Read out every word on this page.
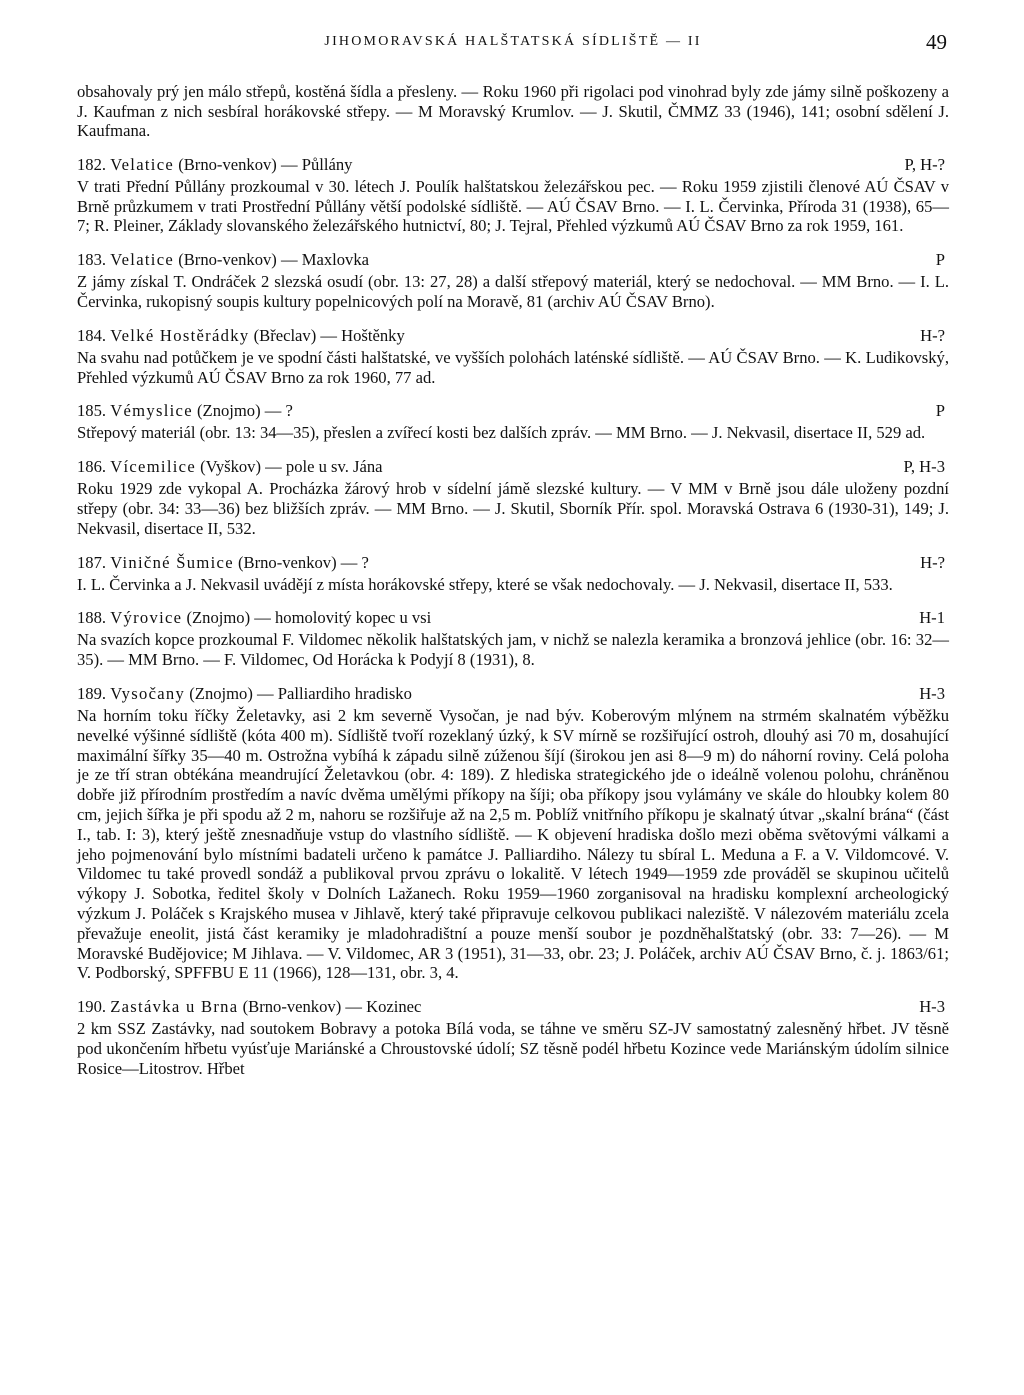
JIHOMORAVSKÁ HALŠTATSKÁ SÍDLIŠTĚ — II	49

obsahovaly prý jen málo střepů, kostěná šídla a přesleny. — Roku 1960 při rigolaci pod vinohrad byly zde jámy silně poškozeny a J. Kaufman z nich sesbíral horákovské střepy. — M Moravský Krumlov. — J. Skutil, ČMMZ 33 (1946), 141; osobní sdělení J. Kaufmana.

182. Velatice (Brno-venkov) — Půllány	P, H-?

V trati Přední Půllány prozkoumal v 30. létech J. Poulík halštatskou železářskou pec. — Roku 1959 zjistili členové AÚ ČSAV v Brně průzkumem v trati Prostřední Půllány větší podolské sídliště. — AÚ ČSAV Brno. — I. L. Červinka, Příroda 31 (1938), 65—7; R. Pleiner, Základy slovanského železářského hutnictví, 80; J. Tejral, Přehled výzkumů AÚ ČSAV Brno za rok 1959, 161.

183. Velatice (Brno-venkov) — Maxlovka	P

Z jámy získal T. Ondráček 2 slezská osudí (obr. 13: 27, 28) a další střepový materiál, který se nedochoval. — MM Brno. — I. L. Červinka, rukopisný soupis kultury popelnicových polí na Moravě, 81 (archiv AÚ ČSAV Brno).

184. Velké Hostěrádky (Břeclav) — Hoštěnky	H-?

Na svahu nad potůčkem je ve spodní části halštatské, ve vyšších polohách laténské sídliště. — AÚ ČSAV Brno. — K. Ludikovský, Přehled výzkumů AÚ ČSAV Brno za rok 1960, 77 ad.

185. Vémyslice (Znojmo) — ?	P

Střepový materiál (obr. 13: 34—35), přeslen a zvířecí kosti bez dalších zpráv. — MM Brno. — J. Nekvasil, disertace II, 529 ad.

186. Vícemilice (Vyškov) — pole u sv. Jána	P, H-3

Roku 1929 zde vykopal A. Procházka žárový hrob v sídelní jámě slezské kultury. — V MM v Brně jsou dále uloženy pozdní střepy (obr. 34: 33—36) bez bližších zpráv. — MM Brno. — J. Skutil, Sborník Přír. spol. Moravská Ostrava 6 (1930-31), 149; J. Nekvasil, disertace II, 532.

187. Viničné Šumice (Brno-venkov) — ?	H-?

I. L. Červinka a J. Nekvasil uvádějí z místa horákovské střepy, které se však nedochovaly. — J. Nekvasil, disertace II, 533.

188. Výrovice (Znojmo) — homolovitý kopec u vsi	H-1

Na svazích kopce prozkoumal F. Vildomec několik halštatských jam, v nichž se nalezla keramika a bronzová jehlice (obr. 16: 32—35). — MM Brno. — F. Vildomec, Od Horácka k Podyjí 8 (1931), 8.

189. Vysočany (Znojmo) — Palliardiho hradisko	H-3

Na horním toku říčky Želetavky, asi 2 km severně Vysočan, je nad býv. Koberovým mlýnem na strmém skalnatém výběžku nevelké výšinné sídliště (kóta 400 m). Sídliště tvoří rozeklaný úzký, k SV mírně se rozšiřující ostroh, dlouhý asi 70 m, dosahující maximální šířky 35—40 m. Ostrožna vybíhá k západu silně zúženou šíjí (širokou jen asi 8—9 m) do náhorní roviny. Celá poloha je ze tří stran obtékána meandrující Želetavkou (obr. 4: 189). Z hlediska strategického jde o ideálně volenou polohu, chráněnou dobře již přírodním prostředím a navíc dvěma umělými příkopy na šíji; oba příkopy jsou vylámány ve skále do hloubky kolem 80 cm, jejich šířka je při spodu až 2 m, nahoru se rozšiřuje až na 2,5 m. Poblíž vnitřního příkopu je skalnatý útvar „skalní brána“ (část I., tab. I: 3), který ještě znesnadňuje vstup do vlastního sídliště. — K objevení hradiska došlo mezi oběma světovými válkami a jeho pojmenování bylo místními badateli určeno k památce J. Palliardiho. Nálezy tu sbíral L. Meduna a F. a V. Vildomcové. V. Vildomec tu také provedl sondáž a publikoval prvou zprávu o lokalitě. V létech 1949—1959 zde prováděl se skupinou učitelů výkopy J. Sobotka, ředitel školy v Dolních Lažanech. Roku 1959—1960 zorganisoval na hradisku komplexní archeologický výzkum J. Poláček s Krajského musea v Jihlavě, který také připravuje celkovou publikaci naleziště. V nálezovém materiálu zcela převažuje eneolit, jistá část keramiky je mladohradištní a pouze menší soubor je pozdněhalštatský (obr. 33: 7—26). — M Moravské Budějovice; M Jihlava. — V. Vildomec, AR 3 (1951), 31—33, obr. 23; J. Poláček, archiv AÚ ČSAV Brno, č. j. 1863/61; V. Podborský, SPFFBU E 11 (1966), 128—131, obr. 3, 4.

190. Zastávka u Brna (Brno-venkov) — Kozinec	H-3

2 km SSZ Zastávky, nad soutokem Bobravy a potoka Bílá voda, se táhne ve směru SZ-JV samostatný zalesněný hřbet. JV těsně pod ukončením hřbetu vyúsťuje Mariánské a Chroustovské údolí; SZ těsně podél hřbetu Kozince vede Mariánským údolím silnice Rosice—Litostrov. Hřbet
